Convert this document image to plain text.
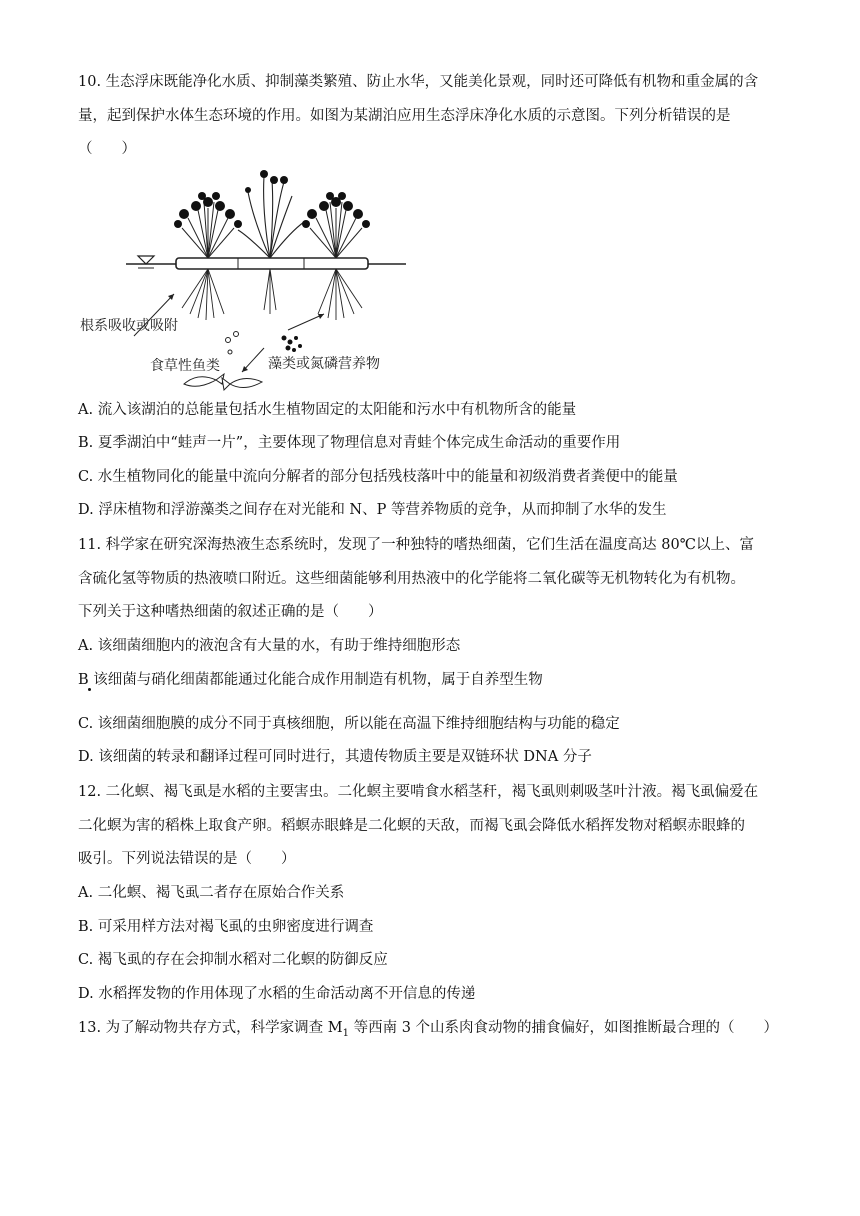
10. 生态浮床既能净化水质、抑制藻类繁殖、防止水华，又能美化景观，同时还可降低有机物和重金属的含
量，起到保护水体生态环境的作用。如图为某湖泊应用生态浮床净化水质的示意图。下列分析错误的是
（　　）
根系吸收或吸附
食草性鱼类	藻类或氮磷营养物
A. 流入该湖泊的总能量包括水生植物固定的太阳能和污水中有机物所含的能量
B. 夏季湖泊中“蛙声一片”，主要体现了物理信息对青蛙个体完成生命活动的重要作用
C. 水生植物同化的能量中流向分解者的部分包括残枝落叶中的能量和初级消费者粪便中的能量
D. 浮床植物和浮游藻类之间存在对光能和 N、P 等营养物质的竞争，从而抑制了水华的发生
11. 科学家在研究深海热液生态系统时，发现了一种独特的嗜热细菌，它们生活在温度高达 80℃以上、富
含硫化氢等物质的热液喷口附近。这些细菌能够利用热液中的化学能将二氧化碳等无机物转化为有机物。
下列关于这种嗜热细菌的叙述正确的是（　　）
A. 该细菌细胞内的液泡含有大量的水，有助于维持细胞形态
B 该细菌与硝化细菌都能通过化能合成作用制造有机物，属于自养型生物
C. 该细菌细胞膜的成分不同于真核细胞，所以能在高温下维持细胞结构与功能的稳定
D. 该细菌的转录和翻译过程可同时进行，其遗传物质主要是双链环状 DNA 分子
12. 二化螟、褐飞虱是水稻的主要害虫。二化螟主要啃食水稻茎秆，褐飞虱则刺吸茎叶汁液。褐飞虱偏爱在
二化螟为害的稻株上取食产卵。稻螟赤眼蜂是二化螟的天敌，而褐飞虱会降低水稻挥发物对稻螟赤眼蜂的
吸引。下列说法错误的是（　　）
A. 二化螟、褐飞虱二者存在原始合作关系
B. 可采用样方法对褐飞虱的虫卵密度进行调查
C. 褐飞虱的存在会抑制水稻对二化螟的防御反应
D. 水稻挥发物的作用体现了水稻的生命活动离不开信息的传递
13. 为了解动物共存方式，科学家调查 $M_1$ 等西南 3 个山系肉食动物的捕食偏好，如图推断最合理的（　　）
